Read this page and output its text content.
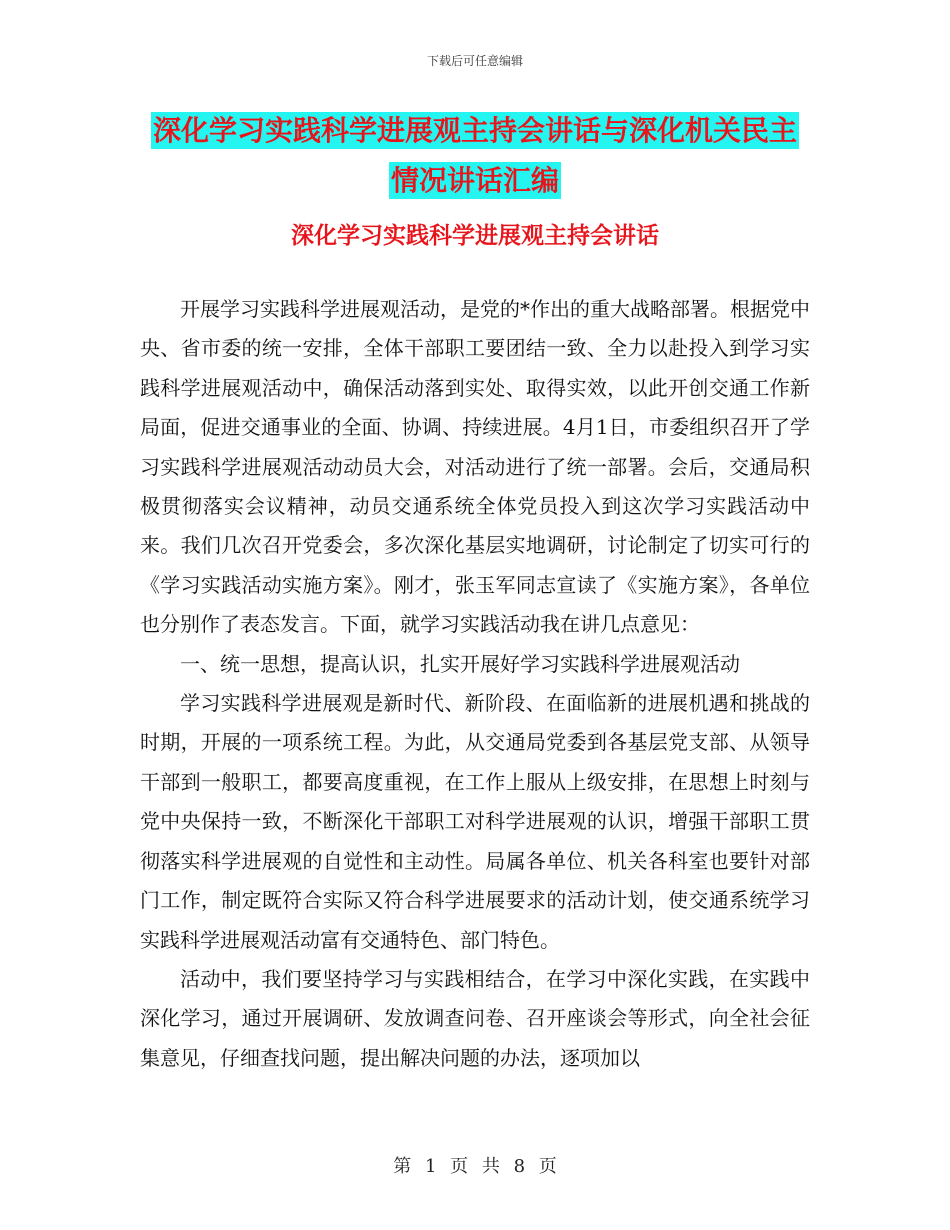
下载后可任意编辑
深化学习实践科学进展观主持会讲话与深化机关民主
情况讲话汇编
深化学习实践科学进展观主持会讲话

开展学习实践科学进展观活动，是党的*作出的重大战略部署。根据党中央、省市委的统一安排，全体干部职工要团结一致、全力以赴投入到学习实践科学进展观活动中，确保活动落到实处、取得实效，以此开创交通工作新局面，促进交通事业的全面、协调、持续进展。4月1日，市委组织召开了学习实践科学进展观活动动员大会，对活动进行了统一部署。会后，交通局积极贯彻落实会议精神，动员交通系统全体党员投入到这次学习实践活动中来。我们几次召开党委会，多次深化基层实地调研，讨论制定了切实可行的《学习实践活动实施方案》。刚才，张玉军同志宣读了《实施方案》，各单位也分别作了表态发言。下面，就学习实践活动我在讲几点意见：

一、统一思想，提高认识，扎实开展好学习实践科学进展观活动

学习实践科学进展观是新时代、新阶段、在面临新的进展机遇和挑战的时期，开展的一项系统工程。为此，从交通局党委到各基层党支部、从领导干部到一般职工，都要高度重视，在工作上服从上级安排，在思想上时刻与党中央保持一致，不断深化干部职工对科学进展观的认识，增强干部职工贯彻落实科学进展观的自觉性和主动性。局属各单位、机关各科室也要针对部门工作，制定既符合实际又符合科学进展要求的活动计划，使交通系统学习实践科学进展观活动富有交通特色、部门特色。

活动中，我们要坚持学习与实践相结合，在学习中深化实践，在实践中深化学习，通过开展调研、发放调查问卷、召开座谈会等形式，向全社会征集意见，仔细查找问题，提出解决问题的办法，逐项加以

第 1 页 共 8 页
